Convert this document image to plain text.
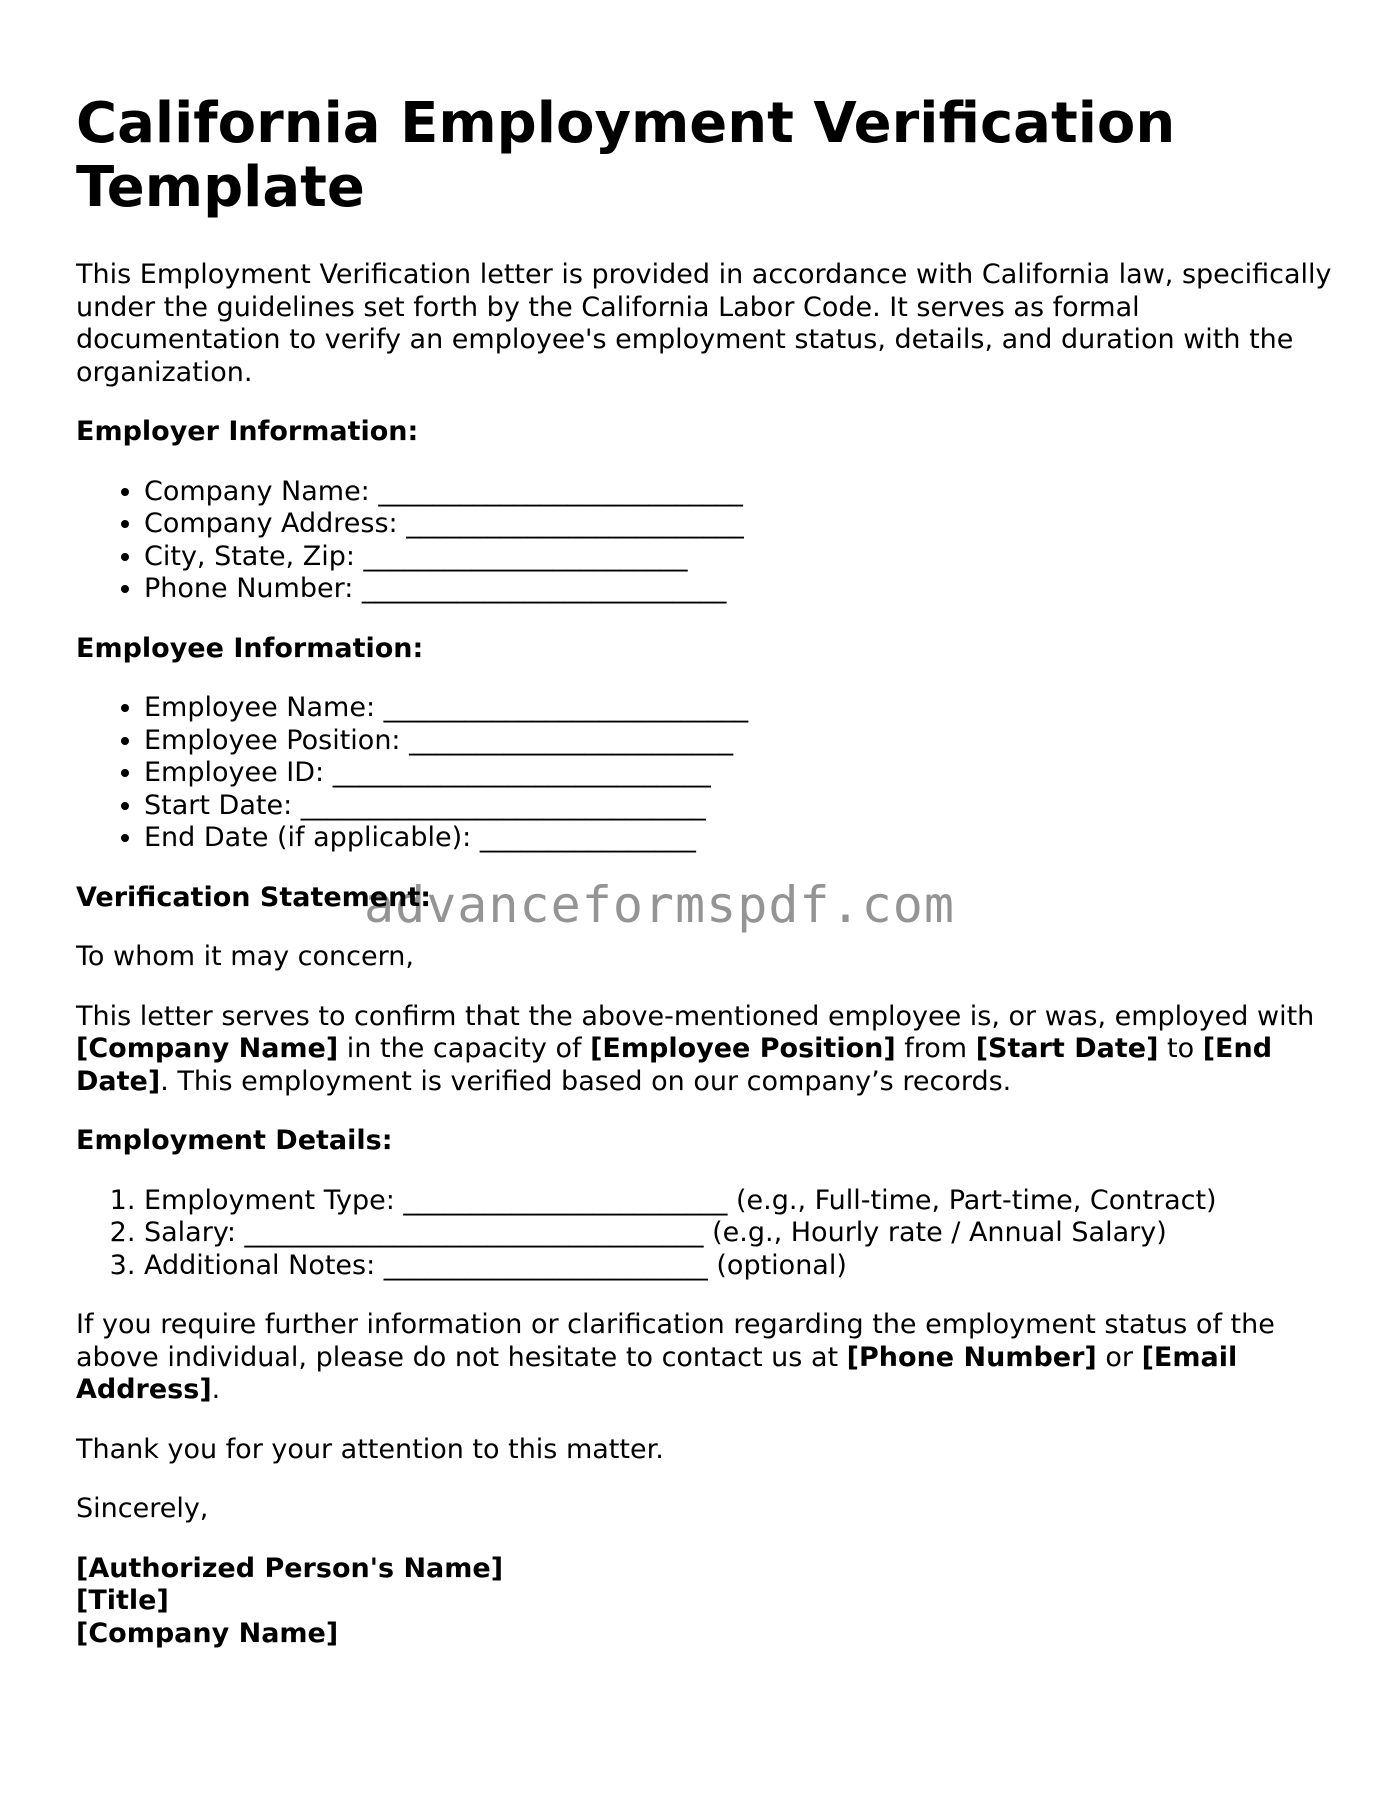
California Employment Verification Template

This Employment Verification letter is provided in accordance with California law, specifically under the guidelines set forth by the California Labor Code. It serves as formal documentation to verify an employee's employment status, details, and duration with the organization.

Employer Information:
• Company Name: ___________________________
• Company Address: _________________________
• City, State, Zip: ________________________
• Phone Number: ___________________________
Employee Information:
• Employee Name: ___________________________
• Employee Position: ________________________
• Employee ID: ____________________________
• Start Date: ______________________________
• End Date (if applicable): ________________
Verification Statement:

To whom it may concern,

This letter serves to confirm that the above-mentioned employee is, or was, employed with [Company Name] in the capacity of [Employee Position] from [Start Date] to [End Date]. This employment is verified based on our company’s records.

Employment Details:
1. Employment Type: ________________________ (e.g., Full-time, Part-time, Contract)
2. Salary: __________________________________ (e.g., Hourly rate / Annual Salary)
3. Additional Notes: ________________________ (optional)

If you require further information or clarification regarding the employment status of the above individual, please do not hesitate to contact us at [Phone Number] or [Email Address].

Thank you for your attention to this matter.

Sincerely,

[Authorized Person's Name]
[Title]
[Company Name]
advanceformspdf.com
